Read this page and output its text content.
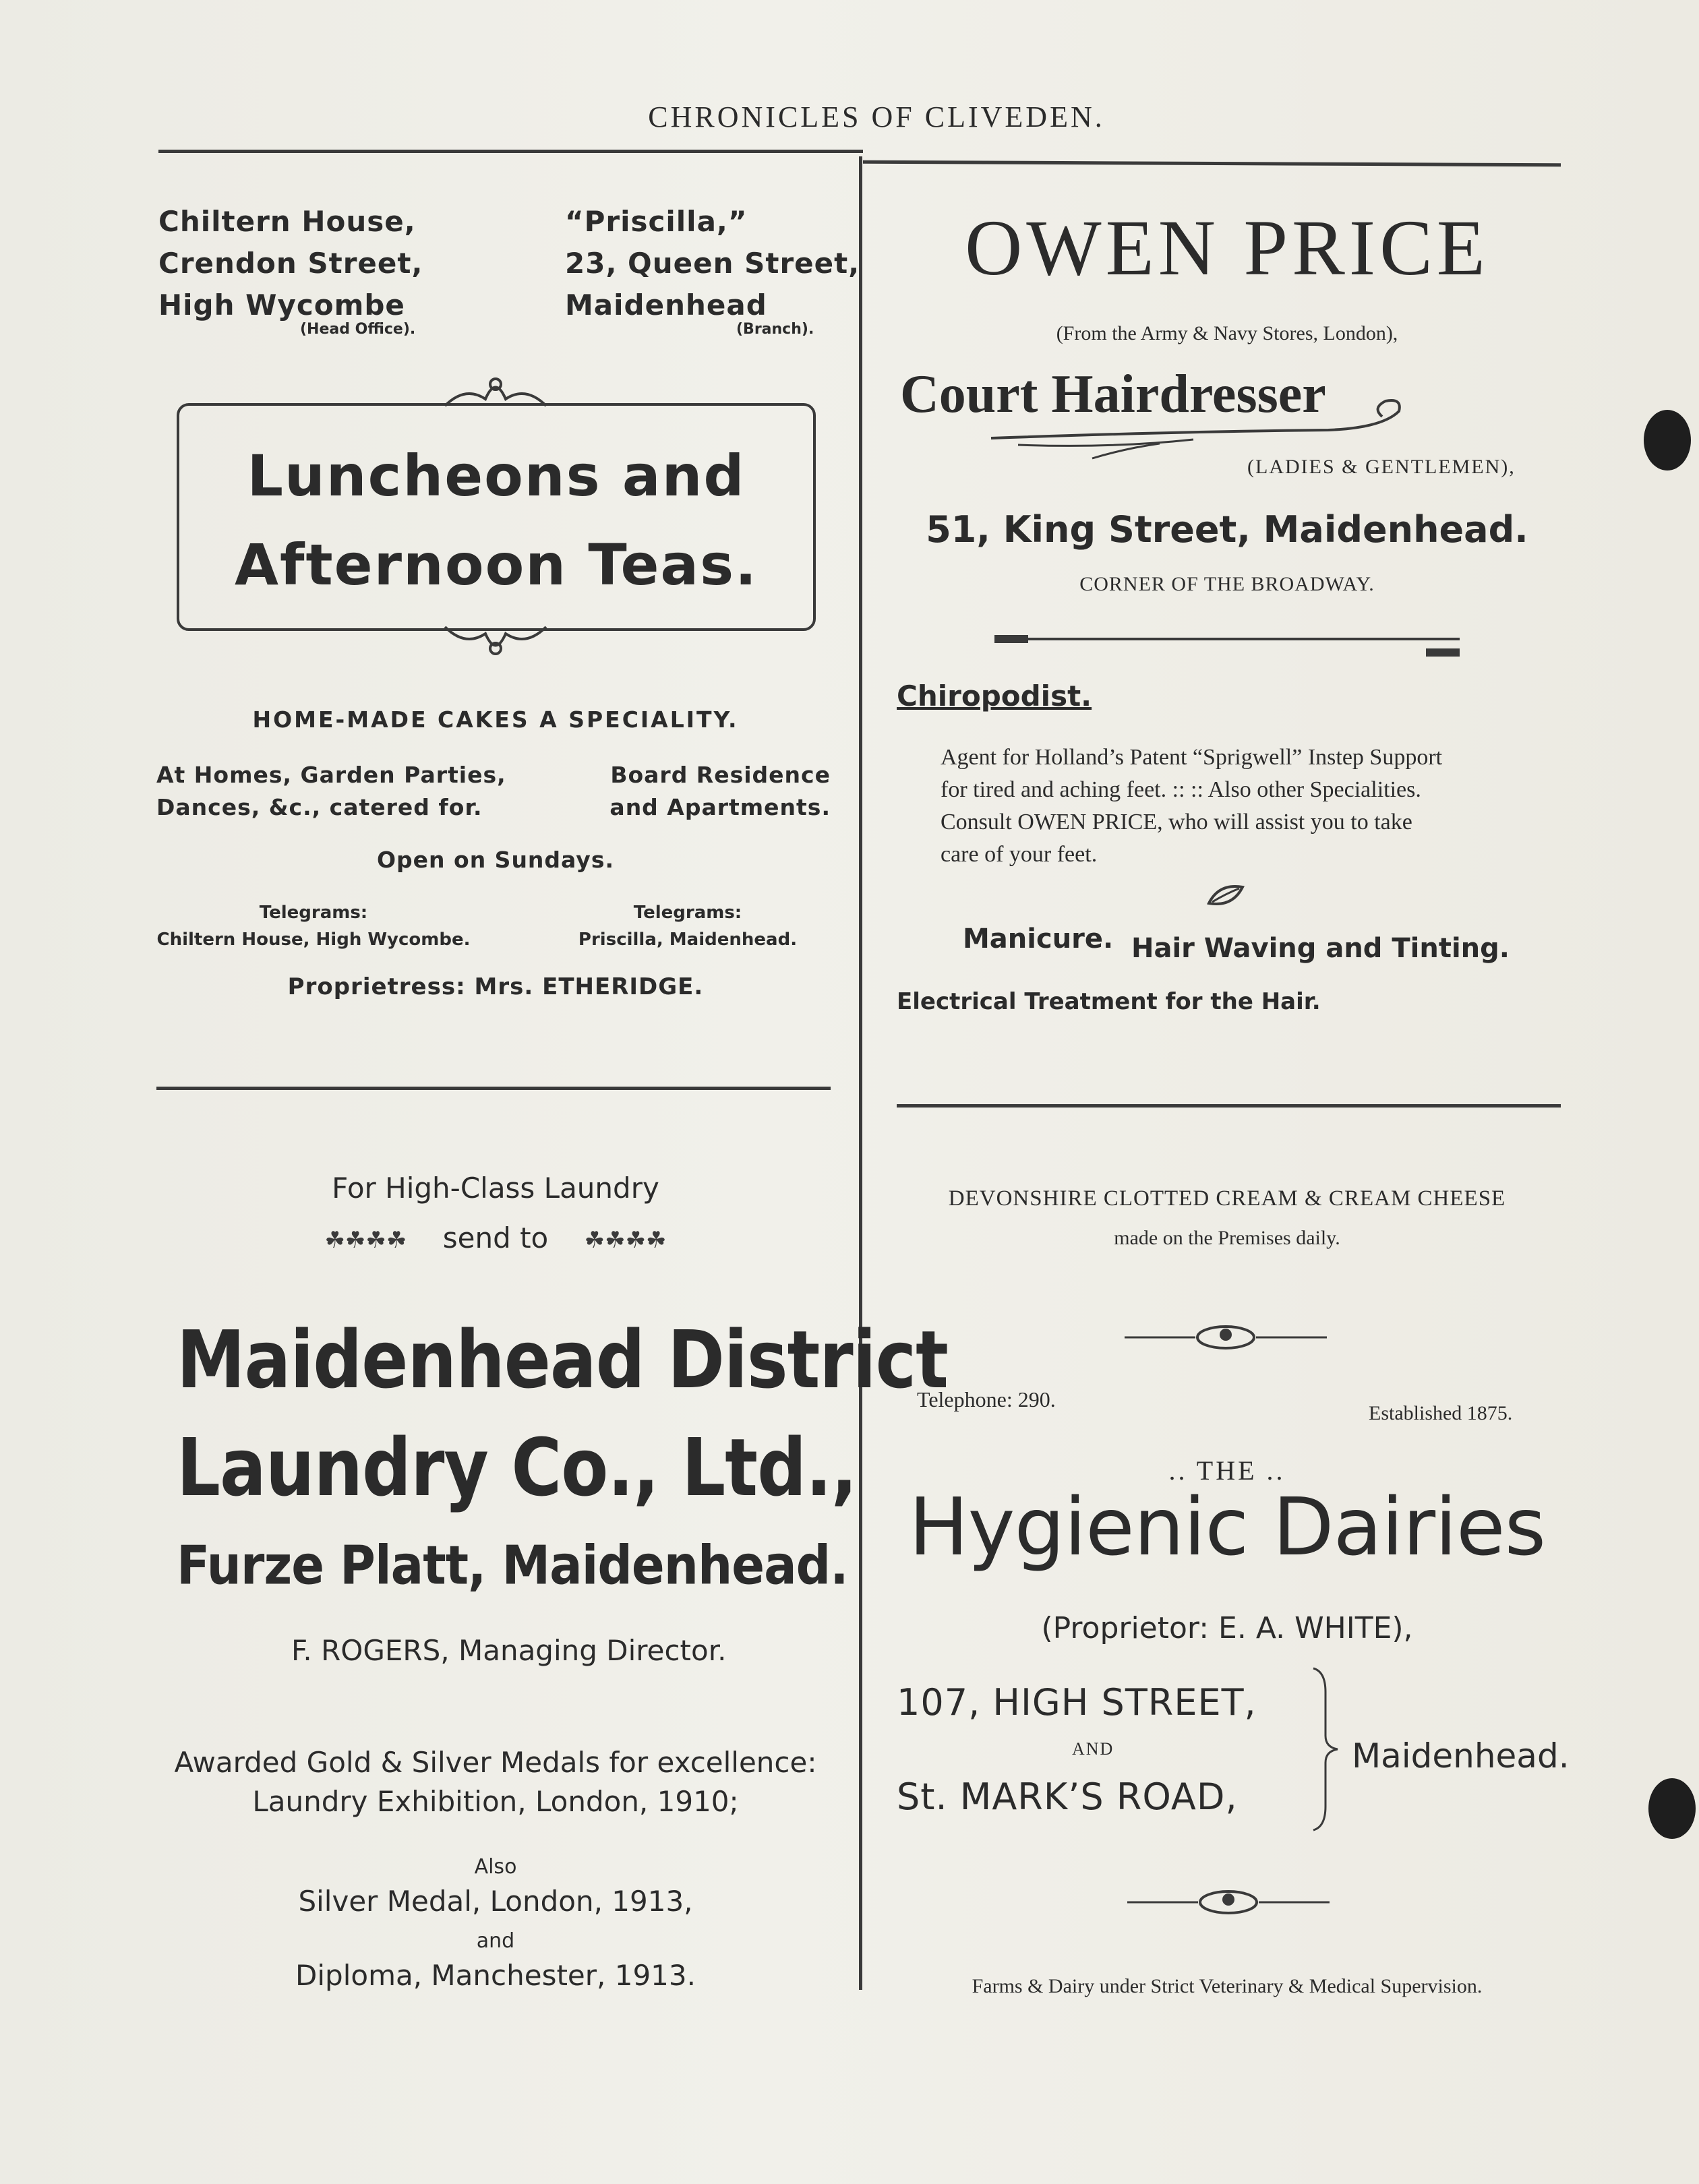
CHRONICLES OF CLIVEDEN.
Chiltern House,
Crendon Street,
High Wycombe
(Head Office).
“Priscilla,”
23, Queen Street,
Maidenhead
(Branch).
Luncheons and
Afternoon Teas.
HOME-MADE CAKES A SPECIALITY.
At Homes, Garden Parties,
Dances, &c., catered for.
Board Residence
and Apartments.
Open on Sundays.
Telegrams:
Chiltern House, High Wycombe.
Telegrams:
Priscilla, Maidenhead.
Proprietress: Mrs. ETHERIDGE.
For High-Class Laundry
☘☘☘☘ send to ☘☘☘☘
Maidenhead District
Laundry Co., Ltd.,
Furze Platt, Maidenhead.
F. ROGERS, Managing Director.
Awarded Gold & Silver Medals for excellence:
Laundry Exhibition, London, 1910;
Also
Silver Medal, London, 1913,
and
Diploma, Manchester, 1913.
OWEN PRICE
(From the Army & Navy Stores, London),
Court Hairdresser
(LADIES & GENTLEMEN),
51, King Street, Maidenhead.
CORNER OF THE BROADWAY.
Chiropodist.
Agent for Holland’s Patent “Sprigwell” Instep Support
for tired and aching feet. :: :: Also other Specialities.
Consult OWEN PRICE, who will assist you to take
care of your feet.
Manicure. Hair Waving and Tinting.
Electrical Treatment for the Hair.
DEVONSHIRE CLOTTED CREAM & CREAM CHEESE
made on the Premises daily.
Telephone: 290.
Established 1875.
.. THE ..
Hygienic Dairies
(Proprietor: E. A. WHITE),
107, HIGH STREET,
AND
St. MARK’S ROAD,
Maidenhead.
Farms & Dairy under Strict Veterinary & Medical Supervision.
